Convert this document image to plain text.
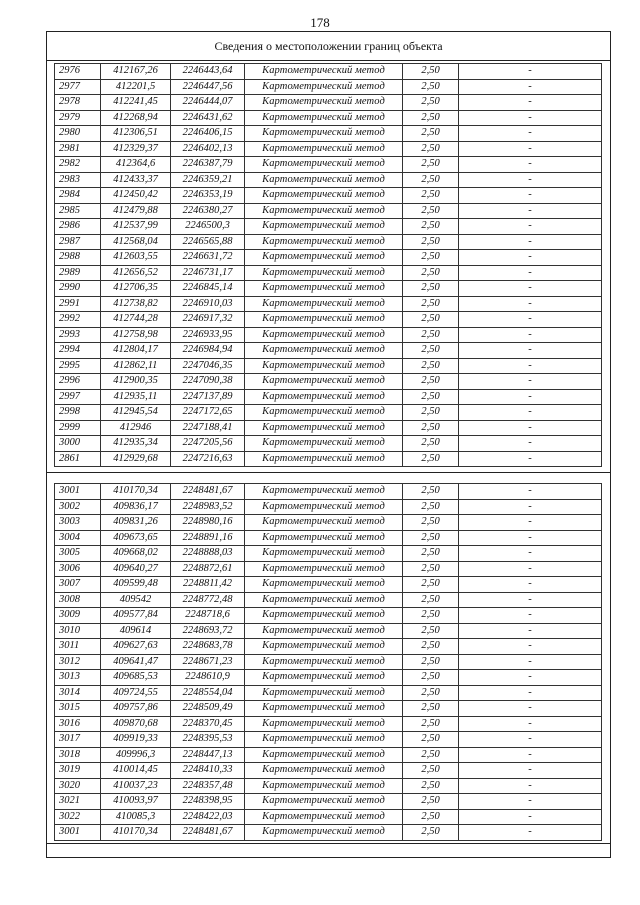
178
Сведения о местоположении границ объекта
2976	412167,26	2246443,64	Картометрический метод	2,50	-
2977	412201,5	2246447,56	Картометрический метод	2,50	-
2978	412241,45	2246444,07	Картометрический метод	2,50	-
2979	412268,94	2246431,62	Картометрический метод	2,50	-
2980	412306,51	2246406,15	Картометрический метод	2,50	-
2981	412329,37	2246402,13	Картометрический метод	2,50	-
2982	412364,6	2246387,79	Картометрический метод	2,50	-
2983	412433,37	2246359,21	Картометрический метод	2,50	-
2984	412450,42	2246353,19	Картометрический метод	2,50	-
2985	412479,88	2246380,27	Картометрический метод	2,50	-
2986	412537,99	2246500,3	Картометрический метод	2,50	-
2987	412568,04	2246565,88	Картометрический метод	2,50	-
2988	412603,55	2246631,72	Картометрический метод	2,50	-
2989	412656,52	2246731,17	Картометрический метод	2,50	-
2990	412706,35	2246845,14	Картометрический метод	2,50	-
2991	412738,82	2246910,03	Картометрический метод	2,50	-
2992	412744,28	2246917,32	Картометрический метод	2,50	-
2993	412758,98	2246933,95	Картометрический метод	2,50	-
2994	412804,17	2246984,94	Картометрический метод	2,50	-
2995	412862,11	2247046,35	Картометрический метод	2,50	-
2996	412900,35	2247090,38	Картометрический метод	2,50	-
2997	412935,11	2247137,89	Картометрический метод	2,50	-
2998	412945,54	2247172,65	Картометрический метод	2,50	-
2999	412946	2247188,41	Картометрический метод	2,50	-
3000	412935,34	2247205,56	Картометрический метод	2,50	-
2861	412929,68	2247216,63	Картометрический метод	2,50	-
3001	410170,34	2248481,67	Картометрический метод	2,50	-
3002	409836,17	2248983,52	Картометрический метод	2,50	-
3003	409831,26	2248980,16	Картометрический метод	2,50	-
3004	409673,65	2248891,16	Картометрический метод	2,50	-
3005	409668,02	2248888,03	Картометрический метод	2,50	-
3006	409640,27	2248872,61	Картометрический метод	2,50	-
3007	409599,48	2248811,42	Картометрический метод	2,50	-
3008	409542	2248772,48	Картометрический метод	2,50	-
3009	409577,84	2248718,6	Картометрический метод	2,50	-
3010	409614	2248693,72	Картометрический метод	2,50	-
3011	409627,63	2248683,78	Картометрический метод	2,50	-
3012	409641,47	2248671,23	Картометрический метод	2,50	-
3013	409685,53	2248610,9	Картометрический метод	2,50	-
3014	409724,55	2248554,04	Картометрический метод	2,50	-
3015	409757,86	2248509,49	Картометрический метод	2,50	-
3016	409870,68	2248370,45	Картометрический метод	2,50	-
3017	409919,33	2248395,53	Картометрический метод	2,50	-
3018	409996,3	2248447,13	Картометрический метод	2,50	-
3019	410014,45	2248410,33	Картометрический метод	2,50	-
3020	410037,23	2248357,48	Картометрический метод	2,50	-
3021	410093,97	2248398,95	Картометрический метод	2,50	-
3022	410085,3	2248422,03	Картометрический метод	2,50	-
3001	410170,34	2248481,67	Картометрический метод	2,50	-
